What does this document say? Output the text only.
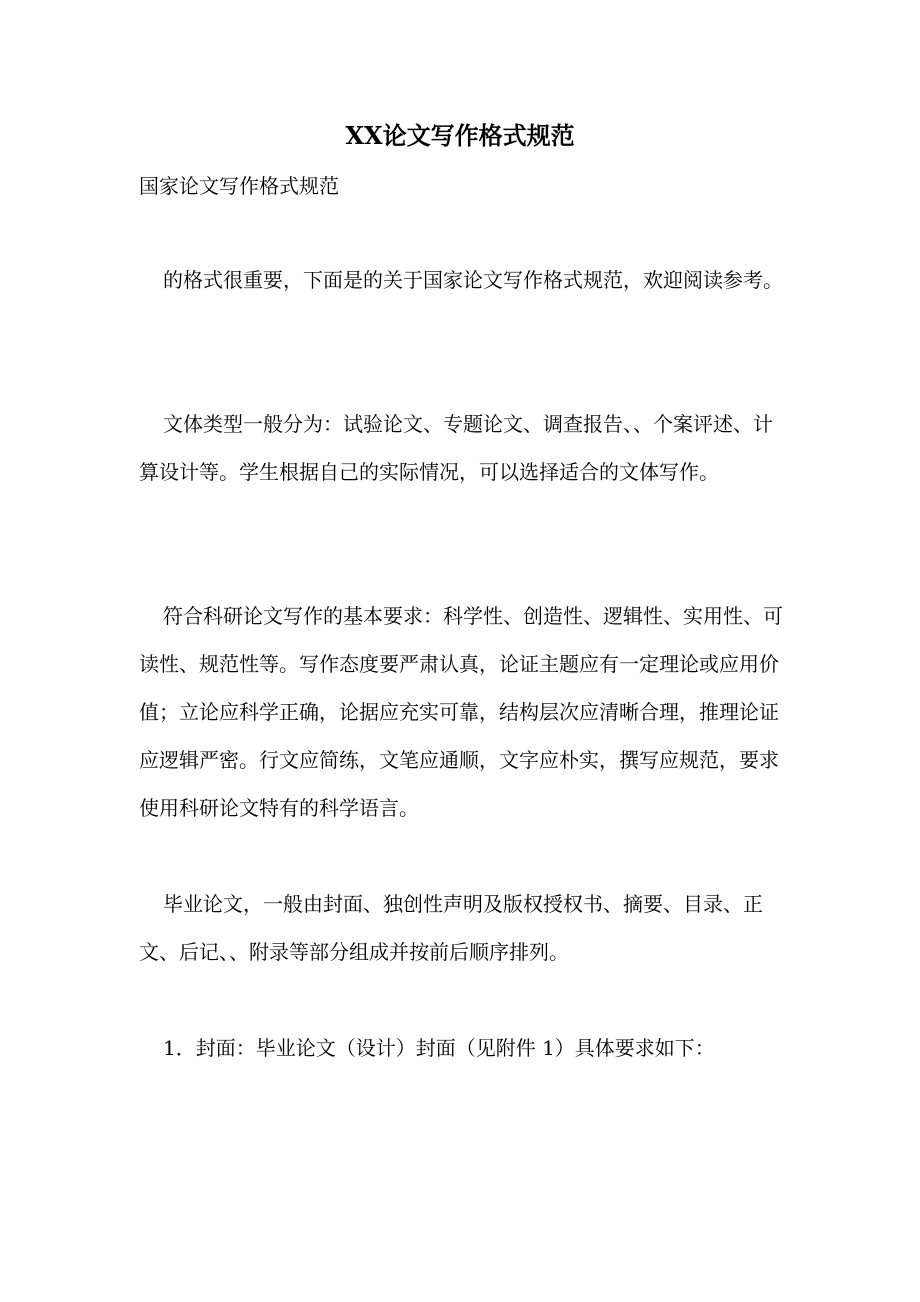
XX论文写作格式规范

国家论文写作格式规范

的格式很重要，下面是的关于国家论文写作格式规范，欢迎阅读参考。

文体类型一般分为：试验论文、专题论文、调查报告、、个案评述、计算设计等。学生根据自己的实际情况，可以选择适合的文体写作。

符合科研论文写作的基本要求：科学性、创造性、逻辑性、实用性、可读性、规范性等。写作态度要严肃认真，论证主题应有一定理论或应用价值；立论应科学正确，论据应充实可靠，结构层次应清晰合理，推理论证应逻辑严密。行文应简练，文笔应通顺，文字应朴实，撰写应规范，要求使用科研论文特有的科学语言。

毕业论文，一般由封面、独创性声明及版权授权书、摘要、目录、正文、后记、、附录等部分组成并按前后顺序排列。

1．封面：毕业论文（设计）封面（见附件 1）具体要求如下：
